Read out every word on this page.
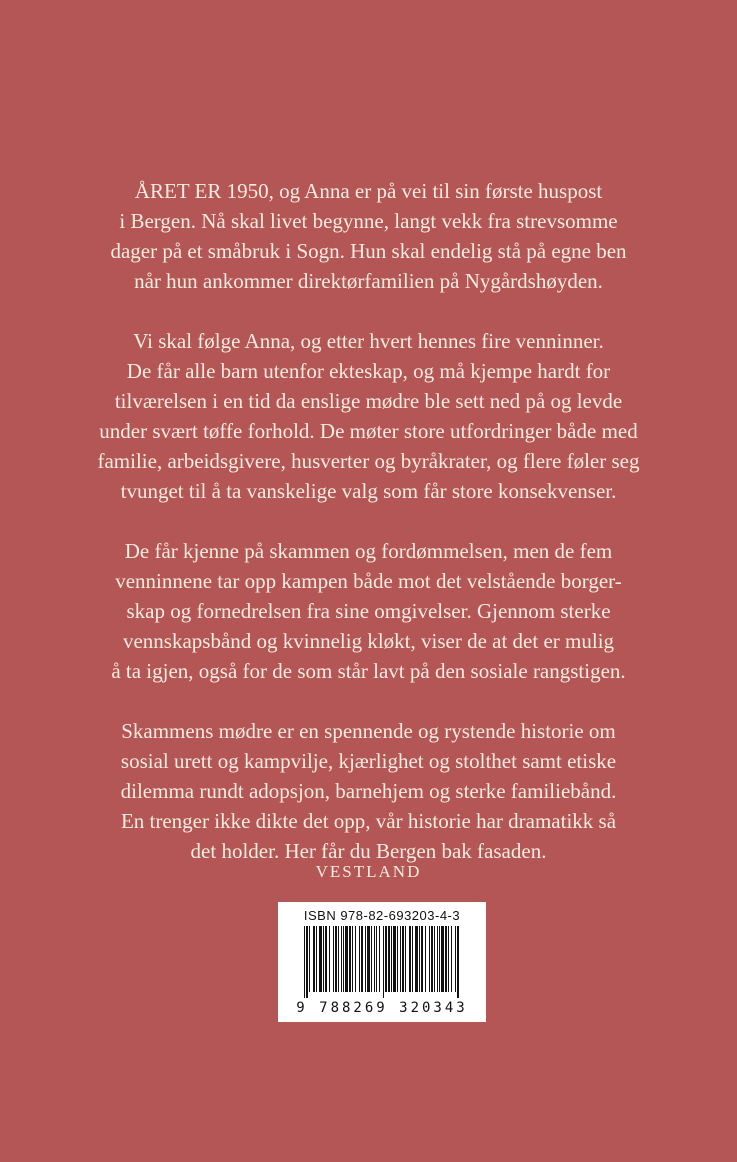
ÅRET ER 1950, og Anna er på vei til sin første huspost
i Bergen. Nå skal livet begynne, langt vekk fra strevsomme
dager på et småbruk i Sogn. Hun skal endelig stå på egne ben
når hun ankommer direktørfamilien på Nygårdshøyden.

Vi skal følge Anna, og etter hvert hennes fire venninner.
De får alle barn utenfor ekteskap, og må kjempe hardt for
tilværelsen i en tid da enslige mødre ble sett ned på og levde
under svært tøffe forhold. De møter store utfordringer både med
familie, arbeidsgivere, husverter og byråkrater, og flere føler seg
tvunget til å ta vanskelige valg som får store konsekvenser.

De får kjenne på skammen og fordømmelsen, men de fem
venninnene tar opp kampen både mot det velstående borger-
skap og fornedrelsen fra sine omgivelser. Gjennom sterke
vennskapsbånd og kvinnelig kløkt, viser de at det er mulig
å ta igjen, også for de som står lavt på den sosiale rangstigen.

Skammens mødre er en spennende og rystende historie om
sosial urett og kampvilje, kjærlighet og stolthet samt etiske
dilemma rundt adopsjon, barnehjem og sterke familiebånd.
En trenger ikke dikte det opp, vår historie har dramatikk så
det holder. Her får du Bergen bak fasaden.

VESTLAND
ISBN 978-82-693203-4-3
9 788269 320343
